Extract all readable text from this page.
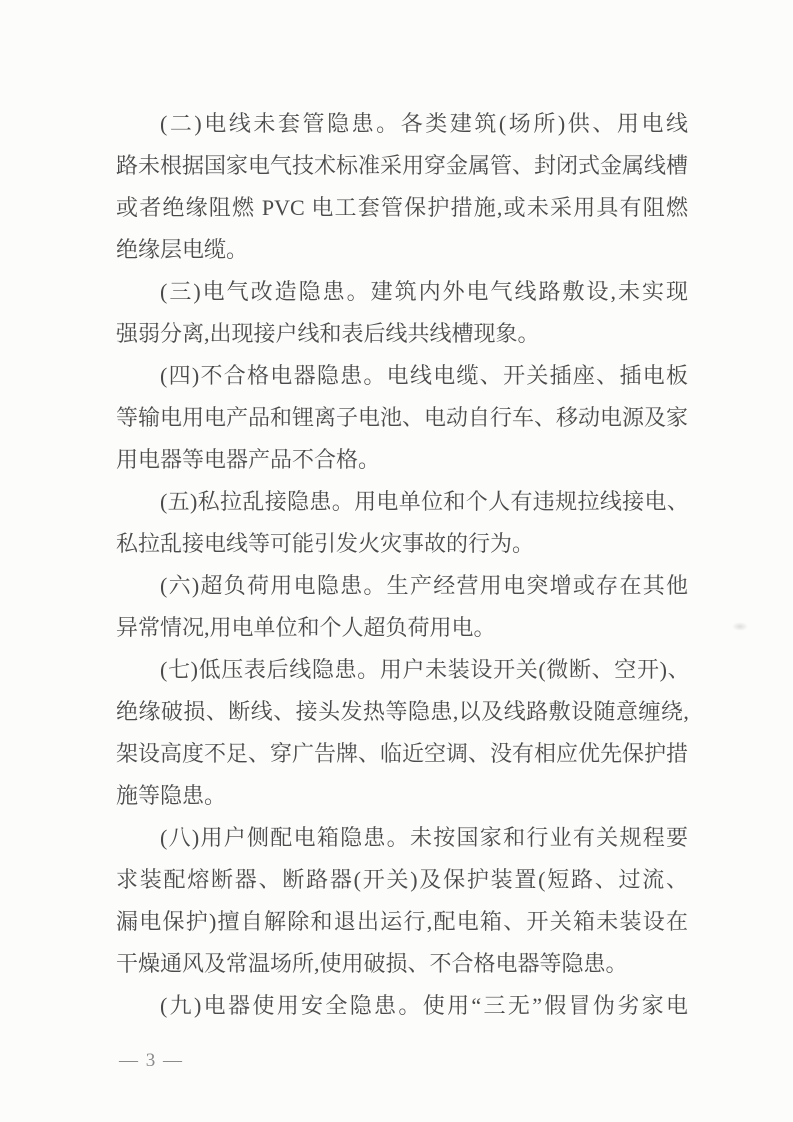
(二)电线未套管隐患。各类建筑(场所)供、用电线
路未根据国家电气技术标准采用穿金属管、封闭式金属线槽
或者绝缘阻燃 PVC 电工套管保护措施,或未采用具有阻燃
绝缘层电缆。
(三)电气改造隐患。建筑内外电气线路敷设,未实现
强弱分离,出现接户线和表后线共线槽现象。
(四)不合格电器隐患。电线电缆、开关插座、插电板
等输电用电产品和锂离子电池、电动自行车、移动电源及家
用电器等电器产品不合格。
(五)私拉乱接隐患。用电单位和个人有违规拉线接电、
私拉乱接电线等可能引发火灾事故的行为。
(六)超负荷用电隐患。生产经营用电突增或存在其他
异常情况,用电单位和个人超负荷用电。
(七)低压表后线隐患。用户未装设开关(微断、空开)、
绝缘破损、断线、接头发热等隐患,以及线路敷设随意缠绕,
架设高度不足、穿广告牌、临近空调、没有相应优先保护措
施等隐患。
(八)用户侧配电箱隐患。未按国家和行业有关规程要
求装配熔断器、断路器(开关)及保护装置(短路、过流、
漏电保护)擅自解除和退出运行,配电箱、开关箱未装设在
干燥通风及常温场所,使用破损、不合格电器等隐患。
(九)电器使用安全隐患。使用“三无”假冒伪劣家电
— 3 —
